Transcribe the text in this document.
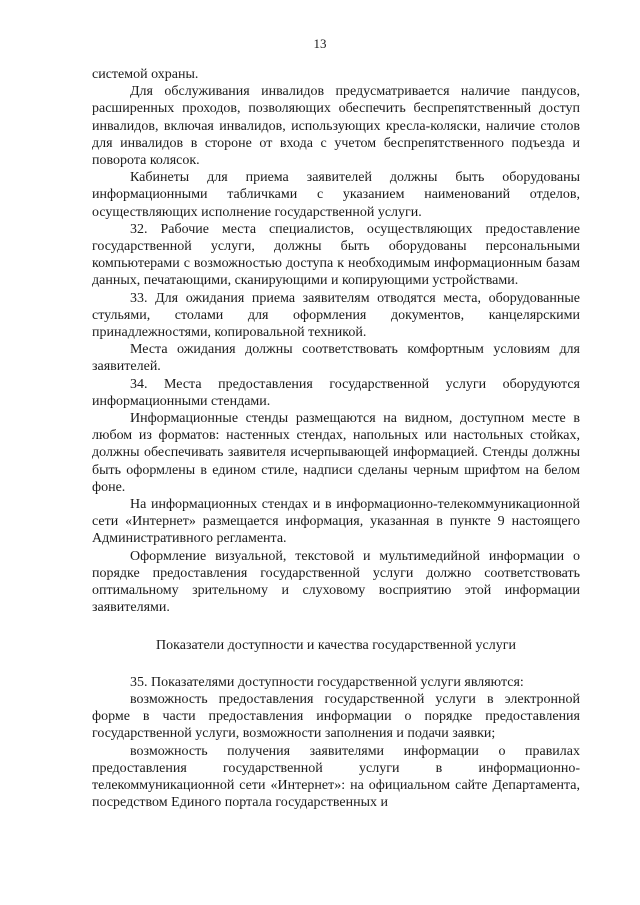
13

системой охраны.

Для обслуживания инвалидов предусматривается наличие пандусов, расширенных проходов, позволяющих обеспечить беспрепятственный доступ инвалидов, включая инвалидов, использующих кресла-коляски, наличие столов для инвалидов в стороне от входа с учетом беспрепятственного подъезда и поворота колясок.

Кабинеты для приема заявителей должны быть оборудованы информационными табличками с указанием наименований отделов, осуществляющих исполнение государственной услуги.

32. Рабочие места специалистов, осуществляющих предоставление государственной услуги, должны быть оборудованы персональными компьютерами с возможностью доступа к необходимым информационным базам данных, печатающими, сканирующими и копирующими устройствами.

33. Для ожидания приема заявителям отводятся места, оборудованные стульями, столами для оформления документов, канцелярскими принадлежностями, копировальной техникой.

Места ожидания должны соответствовать комфортным условиям для заявителей.

34. Места предоставления государственной услуги оборудуются информационными стендами.

Информационные стенды размещаются на видном, доступном месте в любом из форматов: настенных стендах, напольных или настольных стойках, должны обеспечивать заявителя исчерпывающей информацией. Стенды должны быть оформлены в едином стиле, надписи сделаны черным шрифтом на белом фоне.

На информационных стендах и в информационно-телекоммуникационной сети «Интернет» размещается информация, указанная в пункте 9 настоящего Административного регламента.

Оформление визуальной, текстовой и мультимедийной информации о порядке предоставления государственной услуги должно соответствовать оптимальному зрительному и слуховому восприятию этой информации заявителями.

Показатели доступности и качества государственной услуги

35. Показателями доступности государственной услуги являются:

возможность предоставления государственной услуги в электронной форме в части предоставления информации о порядке предоставления государственной услуги, возможности заполнения и подачи заявки;

возможность получения заявителями информации о правилах предоставления государственной услуги в информационно-телекоммуникационной сети «Интернет»: на официальном сайте Департамента, посредством Единого портала государственных и
